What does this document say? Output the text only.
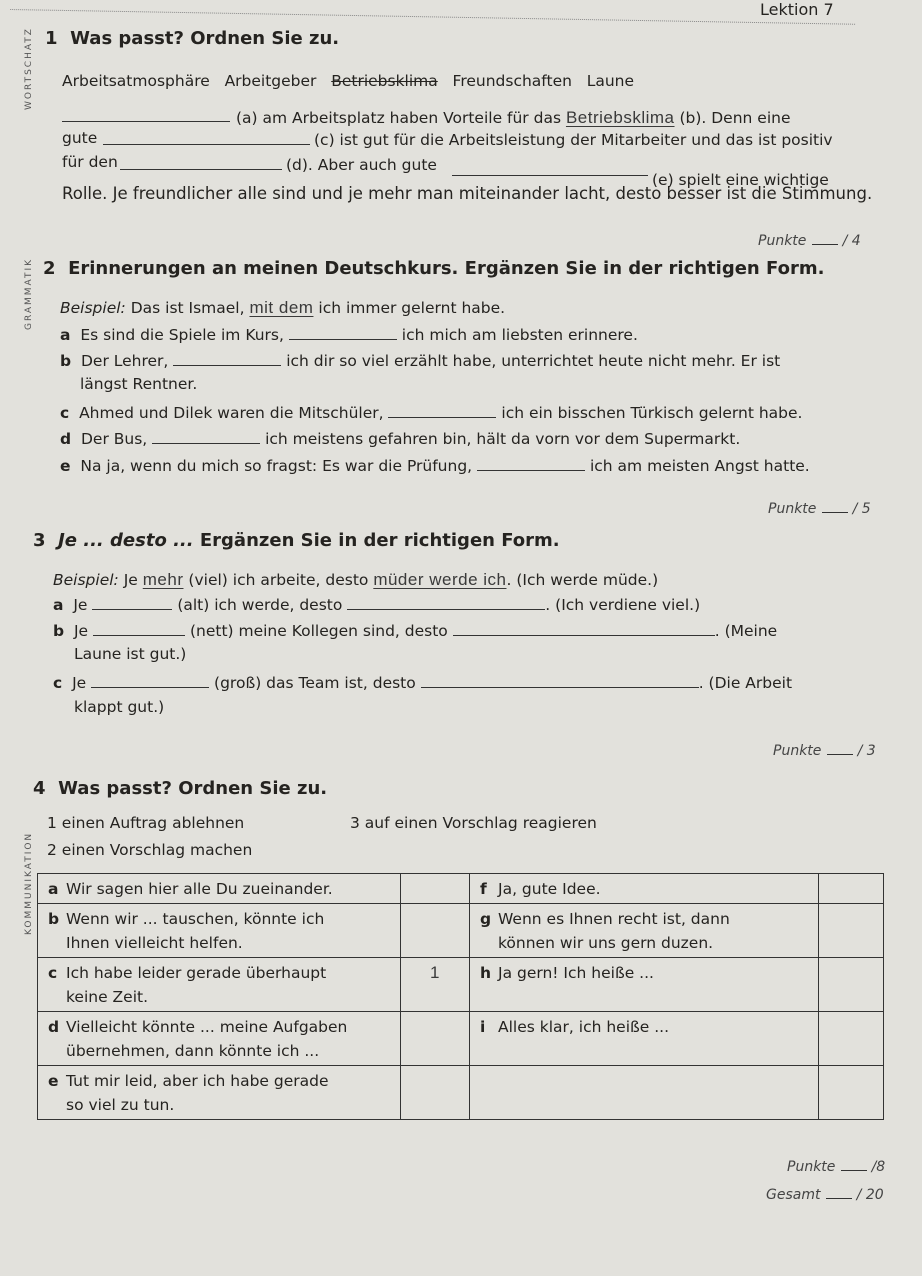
Lektion 7
WORTSCHATZ
GRAMMATIK
KOMMUNIKATION
1 Was passt? Ordnen Sie zu.
Arbeitsatmosphäre Arbeitgeber Betriebsklima Freundschaften Laune
(a) am Arbeitsplatz haben Vorteile für das Betriebsklima (b). Denn eine
gute	(c) ist gut für die Arbeitsleistung der Mitarbeiter und das ist positiv
für den	(d). Aber auch gute
(e) spielt eine wichtige
Rolle. Je freundlicher alle sind und je mehr man miteinander lacht, desto besser ist die Stimmung.
Punkte	/ 4
2 Erinnerungen an meinen Deutschkurs. Ergänzen Sie in der richtigen Form.
Beispiel: Das ist Ismael, mit dem ich immer gelernt habe.
a Es sind die Spiele im Kurs,	ich mich am liebsten erinnere.
b Der Lehrer,	ich dir so viel erzählt habe, unterrichtet heute nicht mehr. Er ist
längst Rentner.
c Ahmed und Dilek waren die Mitschüler,	ich ein bisschen Türkisch gelernt habe.
d Der Bus,	ich meistens gefahren bin, hält da vorn vor dem Supermarkt.
e Na ja, wenn du mich so fragst: Es war die Prüfung,	ich am meisten Angst hatte.
Punkte	/ 5
3 Je ... desto ... Ergänzen Sie in der richtigen Form.
Beispiel: Je mehr (viel) ich arbeite, desto müder werde ich. (Ich werde müde.)
a Je	(alt) ich werde, desto	. (Ich verdiene viel.)
b Je	(nett) meine Kollegen sind, desto	. (Meine
Laune ist gut.)
c Je	(groß) das Team ist, desto	. (Die Arbeit
klappt gut.)
Punkte	/ 3
4 Was passt? Ordnen Sie zu.
1 einen Auftrag ablehnen	3 auf einen Vorschlag reagieren
2 einen Vorschlag machen
a Wir sagen hier alle Du zueinander.		f Ja, gute Idee.	
b Wenn wir ... tauschen, könnte ich
Ihnen vielleicht helfen.		g Wenn es Ihnen recht ist, dann
können wir uns gern duzen.	
c Ich habe leider gerade überhaupt
keine Zeit.	1	h Ja gern! Ich heiße ...	
d Vielleicht könnte ... meine Aufgaben
übernehmen, dann könnte ich ...		i Alles klar, ich heiße ...	
e Tut mir leid, aber ich habe gerade
so viel zu tun.			
Punkte	/8
Gesamt	/ 20
